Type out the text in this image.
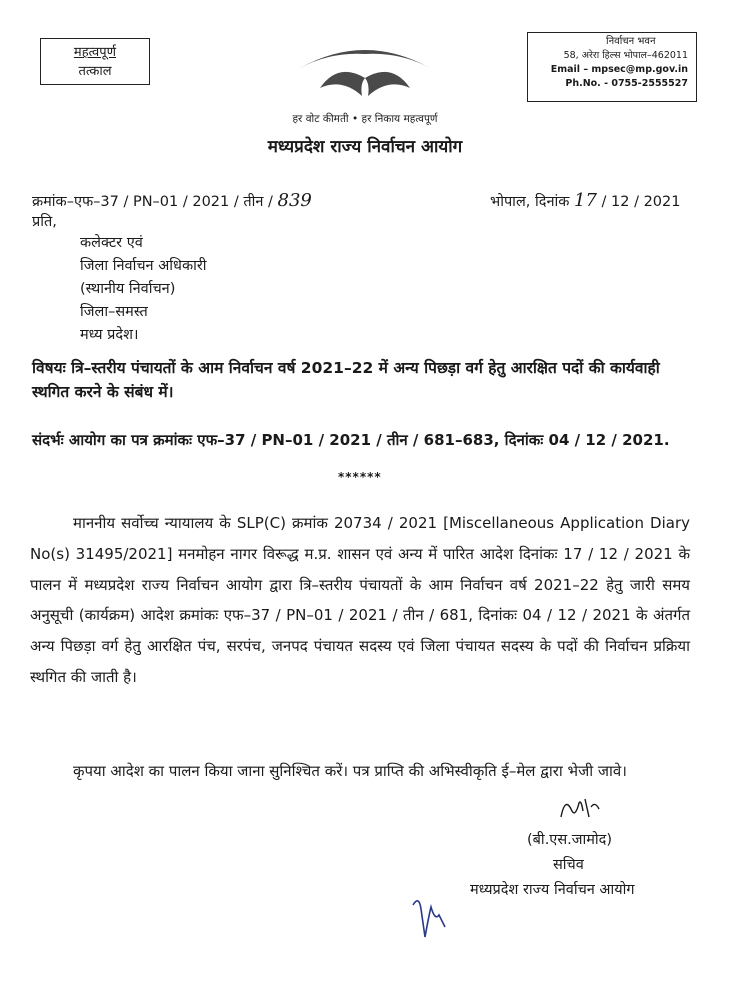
महत्वपूर्ण
तत्काल
निर्वाचन भवन
58, अरेरा हिल्स भोपाल–462011
Email – mpsec@mp.gov.in
Ph.No. - 0755-2555527
हर वोट कीमती • हर निकाय महत्वपूर्ण
मध्यप्रदेश राज्य निर्वाचन आयोग
क्रमांक–एफ–37 / PN–01 / 2021 / तीन / 839	भोपाल, दिनांक 17 / 12 / 2021
प्रति,
कलेक्टर एवं
जिला निर्वाचन अधिकारी
(स्थानीय निर्वाचन)
जिला–समस्त
मध्य प्रदेश।
विषयः त्रि–स्तरीय पंचायतों के आम निर्वाचन वर्ष 2021–22 में अन्य पिछड़ा वर्ग हेतु आरक्षित पदों की कार्यवाही स्थगित करने के संबंध में।
संदर्भः आयोग का पत्र क्रमांकः एफ–37 / PN–01 / 2021 / तीन / 681–683, दिनांकः 04 / 12 / 2021.
******
माननीय सर्वोच्च न्यायालय के SLP(C) क्रमांक 20734 / 2021 [Miscellaneous Application Diary No(s) 31495/2021] मनमोहन नागर विरूद्ध म.प्र. शासन एवं अन्य में पारित आदेश दिनांकः 17 / 12 / 2021 के पालन में मध्यप्रदेश राज्य निर्वाचन आयोग द्वारा त्रि–स्तरीय पंचायतों के आम निर्वाचन वर्ष 2021–22 हेतु जारी समय अनुसूची (कार्यक्रम) आदेश क्रमांकः एफ–37 / PN–01 / 2021 / तीन / 681, दिनांकः 04 / 12 / 2021 के अंतर्गत अन्य पिछड़ा वर्ग हेतु आरक्षित पंच, सरपंच, जनपद पंचायत सदस्य एवं जिला पंचायत सदस्य के पदों की निर्वाचन प्रक्रिया स्थगित की जाती है।
कृपया आदेश का पालन किया जाना सुनिश्चित करें। पत्र प्राप्ति की अभिस्वीकृति ई–मेल द्वारा भेजी जावे।
(बी.एस.जामोद)
सचिव
मध्यप्रदेश राज्य निर्वाचन आयोग
